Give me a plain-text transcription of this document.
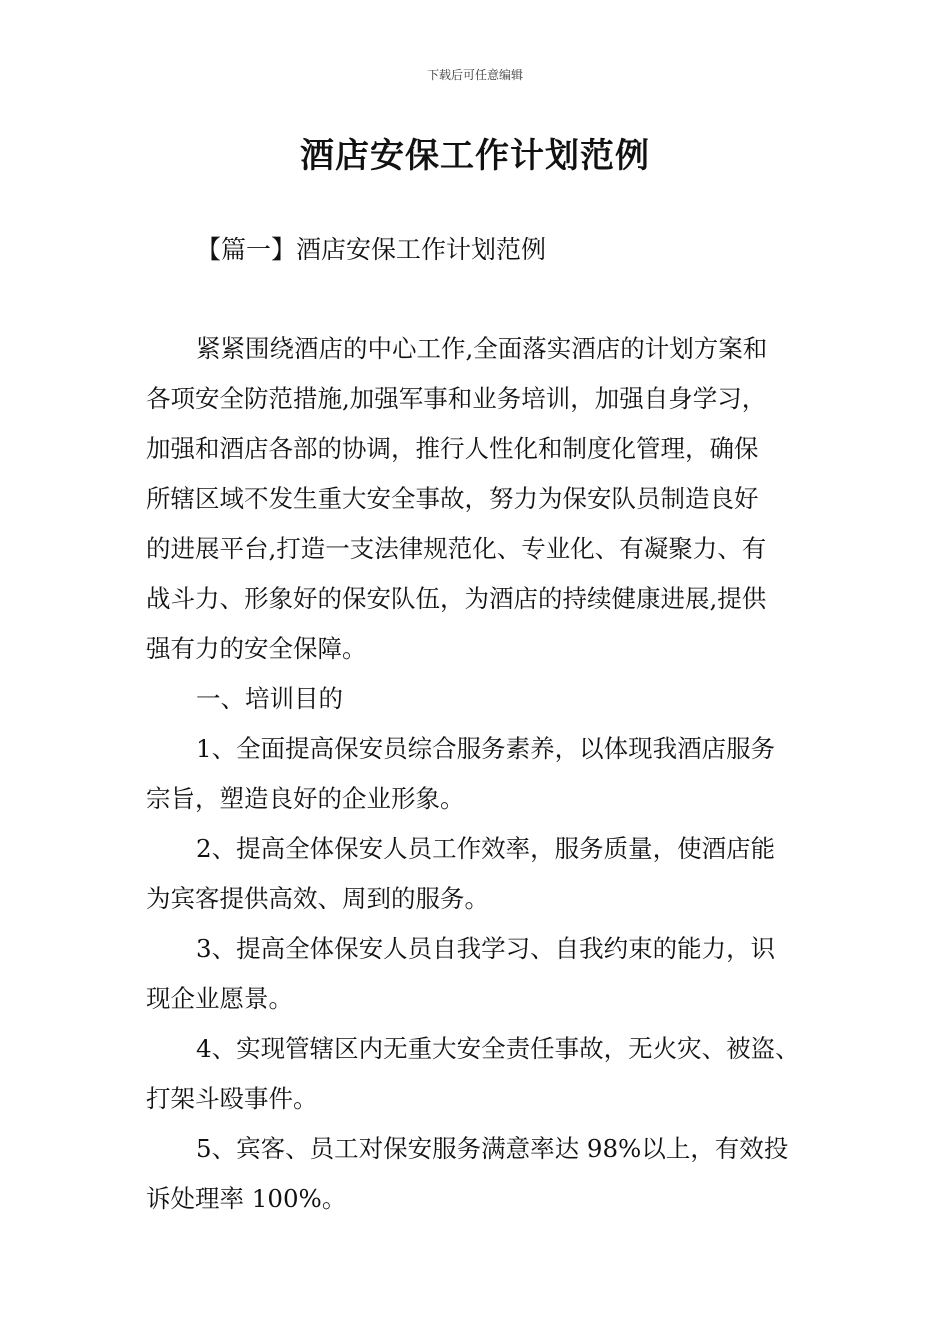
下载后可任意编辑
酒店安保工作计划范例
【篇一】酒店安保工作计划范例
紧紧围绕酒店的中心工作,全面落实酒店的计划方案和
各项安全防范措施,加强军事和业务培训，加强自身学习，
加强和酒店各部的协调，推行人性化和制度化管理，确保
所辖区域不发生重大安全事故，努力为保安队员制造良好
的进展平台,打造一支法律规范化、专业化、有凝聚力、有
战斗力、形象好的保安队伍，为酒店的持续健康进展,提供
强有力的安全保障。
一、培训目的
1、全面提高保安员综合服务素养，以体现我酒店服务
宗旨，塑造良好的企业形象。
2、提高全体保安人员工作效率，服务质量，使酒店能
为宾客提供高效、周到的服务。
3、提高全体保安人员自我学习、自我约束的能力，识
现企业愿景。
4、实现管辖区内无重大安全责任事故，无火灾、被盗、
打架斗殴事件。
5、宾客、员工对保安服务满意率达 98%以上，有效投
诉处理率 100%。
